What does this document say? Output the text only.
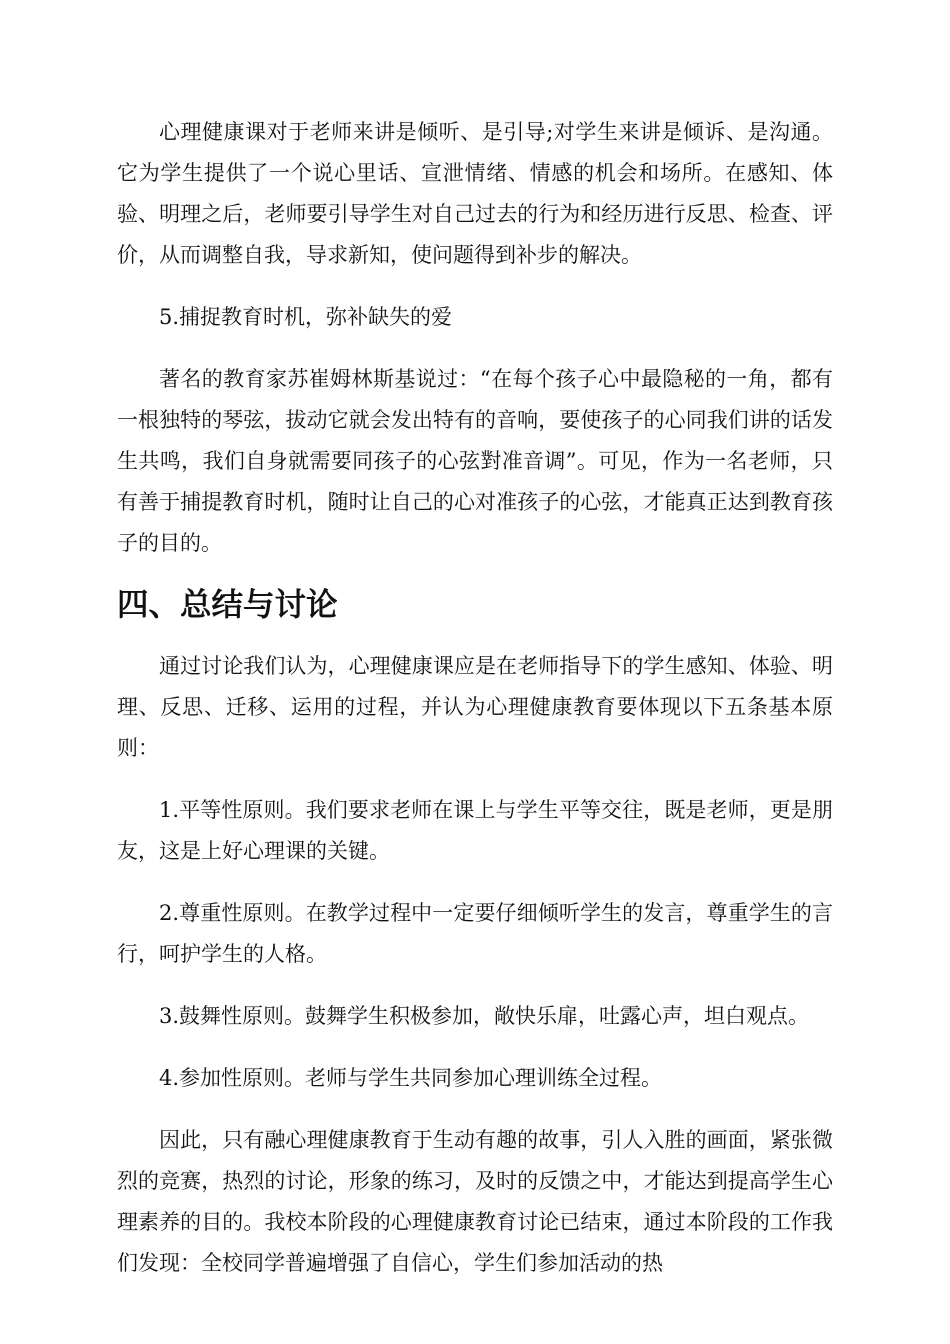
心理健康课对于老师来讲是倾听、是引导;对学生来讲是倾诉、是沟通。它为学生提供了一个说心里话、宣泄情绪、情感的机会和场所。在感知、体验、明理之后，老师要引导学生对自己过去的行为和经历进行反思、检查、评价，从而调整自我，导求新知，使问题得到补步的解决。

5.捕捉教育时机，弥补缺失的爱

著名的教育家苏崔姆林斯基说过：“在每个孩子心中最隐秘的一角，都有一根独特的琴弦，拔动它就会发出特有的音响，要使孩子的心同我们讲的话发生共鸣，我们自身就需要同孩子的心弦對准音调”。可见，作为一名老师，只有善于捕提教育时机，随时让自己的心对准孩子的心弦，才能真正达到教育孩子的目的。

四、总结与讨论

通过讨论我们认为，心理健康课应是在老师指导下的学生感知、体验、明理、反思、迁移、运用的过程，并认为心理健康教育要体现以下五条基本原则：

1.平等性原则。我们要求老师在课上与学生平等交往，既是老师，更是朋友，这是上好心理课的关键。

2.尊重性原则。在教学过程中一定要仔细倾听学生的发言，尊重学生的言行，呵护学生的人格。

3.鼓舞性原则。鼓舞学生积极参加，敞快乐扉，吐露心声，坦白观点。

4.参加性原则。老师与学生共同参加心理训练全过程。

因此，只有融心理健康教育于生动有趣的故事，引人入胜的画面，紧张微烈的竞赛，热烈的讨论，形象的练习，及时的反馈之中，才能达到提高学生心理素养的目的。我校本阶段的心理健康教育讨论已结束，通过本阶段的工作我们发现：全校同学普遍增强了自信心，学生们参加活动的热
